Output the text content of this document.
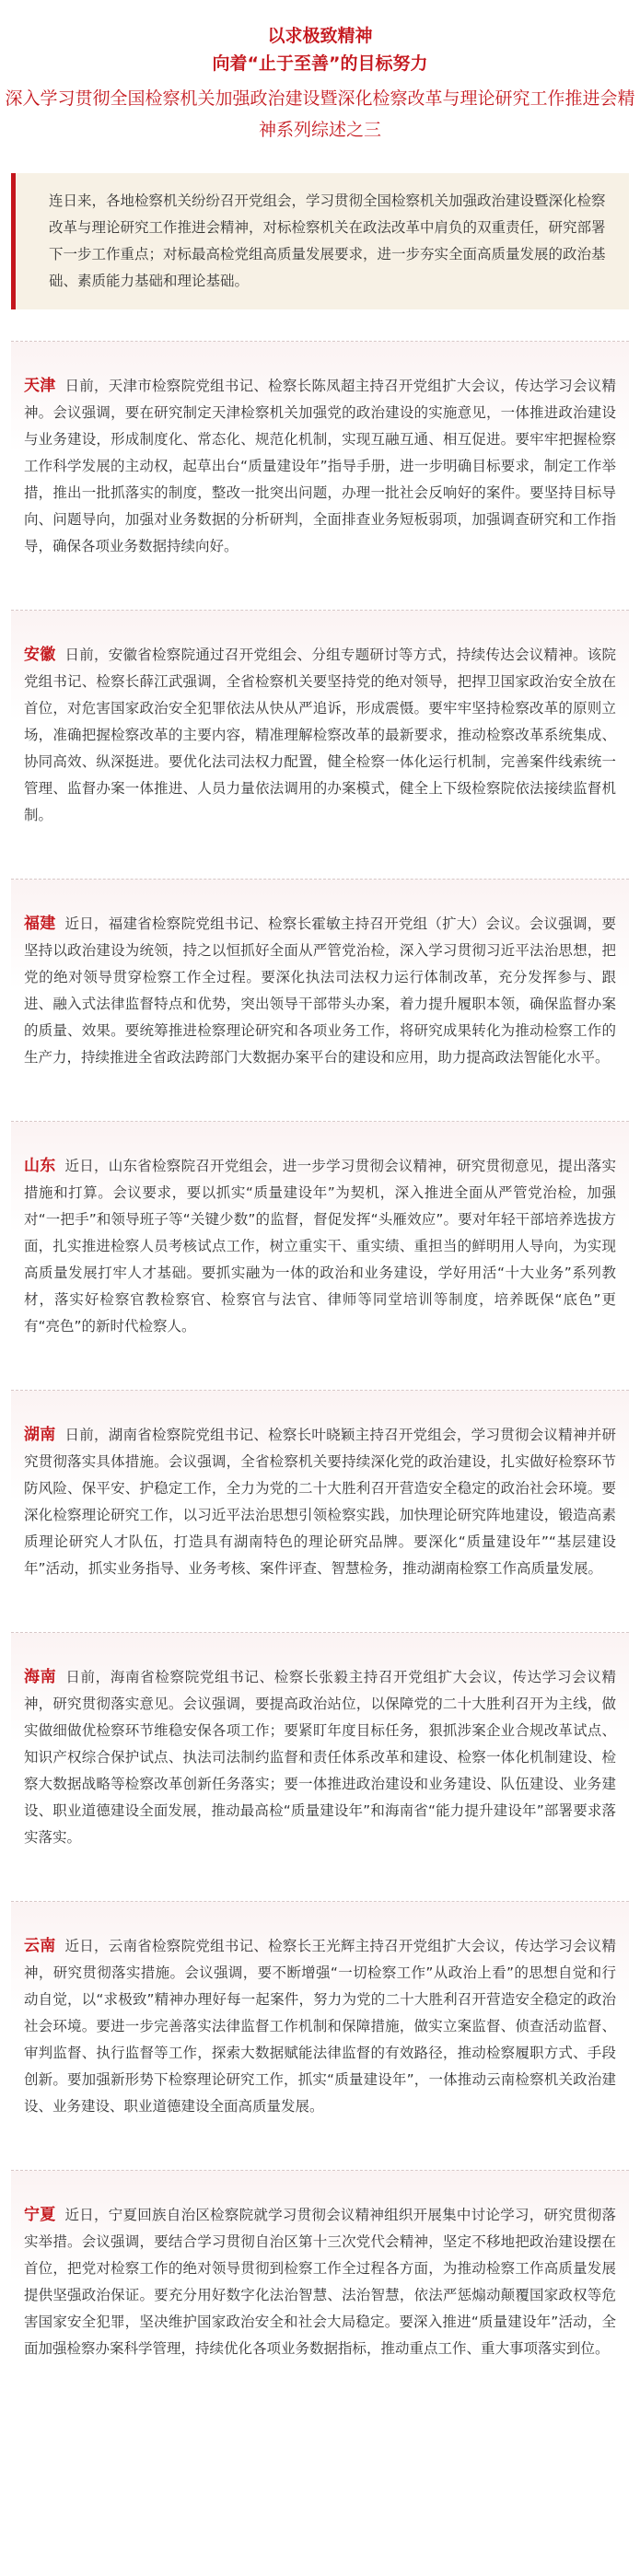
以求极致精神
向着“止于至善”的目标努力
深入学习贯彻全国检察机关加强政治建设暨深化检察改革与理论研究工作推进会精神系列综述之三
连日来，各地检察机关纷纷召开党组会，学习贯彻全国检察机关加强政治建设暨深化检察改革与理论研究工作推进会精神，对标检察机关在政法改革中肩负的双重责任，研究部署下一步工作重点；对标最高检党组高质量发展要求，进一步夯实全面高质量发展的政治基础、素质能力基础和理论基础。
天津 日前，天津市检察院党组书记、检察长陈凤超主持召开党组扩大会议，传达学习会议精神。会议强调，要在研究制定天津检察机关加强党的政治建设的实施意见，一体推进政治建设与业务建设，形成制度化、常态化、规范化机制，实现互融互通、相互促进。要牢牢把握检察工作科学发展的主动权，起草出台“质量建设年”指导手册，进一步明确目标要求，制定工作举措，推出一批抓落实的制度，整改一批突出问题，办理一批社会反响好的案件。要坚持目标导向、问题导向，加强对业务数据的分析研判，全面排查业务短板弱项，加强调查研究和工作指导，确保各项业务数据持续向好。
安徽 日前，安徽省检察院通过召开党组会、分组专题研讨等方式，持续传达会议精神。该院党组书记、检察长薛江武强调，全省检察机关要坚持党的绝对领导，把捍卫国家政治安全放在首位，对危害国家政治安全犯罪依法从快从严追诉，形成震慑。要牢牢坚持检察改革的原则立场，准确把握检察改革的主要内容，精准理解检察改革的最新要求，推动检察改革系统集成、协同高效、纵深挺进。要优化法司法权力配置，健全检察一体化运行机制，完善案件线索统一管理、监督办案一体推进、人员力量依法调用的办案模式，健全上下级检察院依法接续监督机制。
福建 近日，福建省检察院党组书记、检察长霍敏主持召开党组（扩大）会议。会议强调，要坚持以政治建设为统领，持之以恒抓好全面从严管党治检，深入学习贯彻习近平法治思想，把党的绝对领导贯穿检察工作全过程。要深化执法司法权力运行体制改革，充分发挥参与、跟进、融入式法律监督特点和优势，突出领导干部带头办案，着力提升履职本领，确保监督办案的质量、效果。要统筹推进检察理论研究和各项业务工作，将研究成果转化为推动检察工作的生产力，持续推进全省政法跨部门大数据办案平台的建设和应用，助力提高政法智能化水平。
山东 近日，山东省检察院召开党组会，进一步学习贯彻会议精神，研究贯彻意见，提出落实措施和打算。会议要求，要以抓实“质量建设年”为契机，深入推进全面从严管党治检，加强对“一把手”和领导班子等“关键少数”的监督，督促发挥“头雁效应”。要对年轻干部培养选拔方面，扎实推进检察人员考核试点工作，树立重实干、重实绩、重担当的鲜明用人导向，为实现高质量发展打牢人才基础。要抓实融为一体的政治和业务建设，学好用活“十大业务”系列教材，落实好检察官教检察官、检察官与法官、律师等同堂培训等制度，培养既保“底色”更有“亮色”的新时代检察人。
湖南 日前，湖南省检察院党组书记、检察长叶晓颖主持召开党组会，学习贯彻会议精神并研究贯彻落实具体措施。会议强调，全省检察机关要持续深化党的政治建设，扎实做好检察环节防风险、保平安、护稳定工作，全力为党的二十大胜利召开营造安全稳定的政治社会环境。要深化检察理论研究工作，以习近平法治思想引领检察实践，加快理论研究阵地建设，锻造高素质理论研究人才队伍，打造具有湖南特色的理论研究品牌。要深化“质量建设年”“基层建设年”活动，抓实业务指导、业务考核、案件评查、智慧检务，推动湖南检察工作高质量发展。
海南 日前，海南省检察院党组书记、检察长张毅主持召开党组扩大会议，传达学习会议精神，研究贯彻落实意见。会议强调，要提高政治站位，以保障党的二十大胜利召开为主线，做实做细做优检察环节维稳安保各项工作；要紧盯年度目标任务，狠抓涉案企业合规改革试点、知识产权综合保护试点、执法司法制约监督和责任体系改革和建设、检察一体化机制建设、检察大数据战略等检察改革创新任务落实；要一体推进政治建设和业务建设、队伍建设、业务建设、职业道德建设全面发展，推动最高检“质量建设年”和海南省“能力提升建设年”部署要求落实落实。
云南 近日，云南省检察院党组书记、检察长王光辉主持召开党组扩大会议，传达学习会议精神，研究贯彻落实措施。会议强调，要不断增强“一切检察工作”从政治上看”的思想自觉和行动自觉，以“求极致”精神办理好每一起案件，努力为党的二十大胜利召开营造安全稳定的政治社会环境。要进一步完善落实法律监督工作机制和保障措施，做实立案监督、侦查活动监督、审判监督、执行监督等工作，探索大数据赋能法律监督的有效路径，推动检察履职方式、手段创新。要加强新形势下检察理论研究工作，抓实“质量建设年”，一体推动云南检察机关政治建设、业务建设、职业道德建设全面高质量发展。
宁夏 近日，宁夏回族自治区检察院就学习贯彻会议精神组织开展集中讨论学习，研究贯彻落实举措。会议强调，要结合学习贯彻自治区第十三次党代会精神，坚定不移地把政治建设摆在首位，把党对检察工作的绝对领导贯彻到检察工作全过程各方面，为推动检察工作高质量发展提供坚强政治保证。要充分用好数字化法治智慧、法治智慧，依法严惩煽动颠覆国家政权等危害国家安全犯罪，坚决维护国家政治安全和社会大局稳定。要深入推进“质量建设年”活动，全面加强检察办案科学管理，持续优化各项业务数据指标，推动重点工作、重大事项落实到位。
